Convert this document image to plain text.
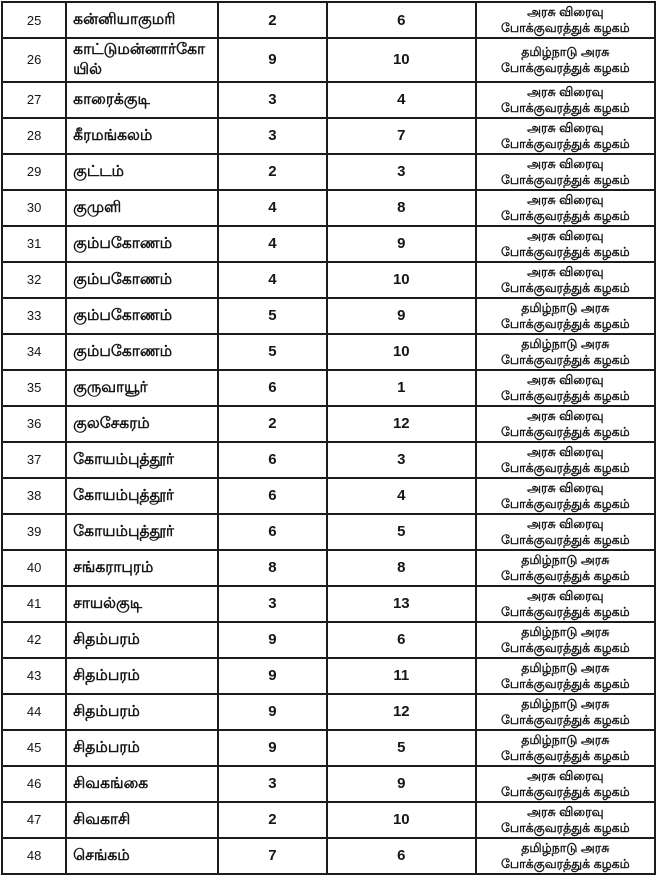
25	கன்னியாகுமரி	2	6	அரசு விரைவு
போக்குவரத்துக் கழகம்

26	காட்டுமன்னார்கோயில்	9	10	தமிழ்நாடு அரசு
போக்குவரத்துக் கழகம்

27	காரைக்குடி	3	4	அரசு விரைவு
போக்குவரத்துக் கழகம்

28	கீரமங்கலம்	3	7	அரசு விரைவு
போக்குவரத்துக் கழகம்

29	குட்டம்	2	3	அரசு விரைவு
போக்குவரத்துக் கழகம்

30	குமுளி	4	8	அரசு விரைவு
போக்குவரத்துக் கழகம்

31	கும்பகோணம்	4	9	அரசு விரைவு
போக்குவரத்துக் கழகம்

32	கும்பகோணம்	4	10	அரசு விரைவு
போக்குவரத்துக் கழகம்

33	கும்பகோணம்	5	9	தமிழ்நாடு அரசு
போக்குவரத்துக் கழகம்

34	கும்பகோணம்	5	10	தமிழ்நாடு அரசு
போக்குவரத்துக் கழகம்

35	குருவாயூர்	6	1	அரசு விரைவு
போக்குவரத்துக் கழகம்

36	குலசேகரம்	2	12	அரசு விரைவு
போக்குவரத்துக் கழகம்

37	கோயம்புத்தூர்	6	3	அரசு விரைவு
போக்குவரத்துக் கழகம்

38	கோயம்புத்தூர்	6	4	அரசு விரைவு
போக்குவரத்துக் கழகம்

39	கோயம்புத்தூர்	6	5	அரசு விரைவு
போக்குவரத்துக் கழகம்

40	சங்கராபுரம்	8	8	தமிழ்நாடு அரசு
போக்குவரத்துக் கழகம்

41	சாயல்குடி	3	13	அரசு விரைவு
போக்குவரத்துக் கழகம்

42	சிதம்பரம்	9	6	தமிழ்நாடு அரசு
போக்குவரத்துக் கழகம்

43	சிதம்பரம்	9	11	தமிழ்நாடு அரசு
போக்குவரத்துக் கழகம்

44	சிதம்பரம்	9	12	தமிழ்நாடு அரசு
போக்குவரத்துக் கழகம்

45	சிதம்பரம்	9	5	தமிழ்நாடு அரசு
போக்குவரத்துக் கழகம்

46	சிவகங்கை	3	9	அரசு விரைவு
போக்குவரத்துக் கழகம்

47	சிவகாசி	2	10	அரசு விரைவு
போக்குவரத்துக் கழகம்

48	செங்கம்	7	6	தமிழ்நாடு அரசு
போக்குவரத்துக் கழகம்
